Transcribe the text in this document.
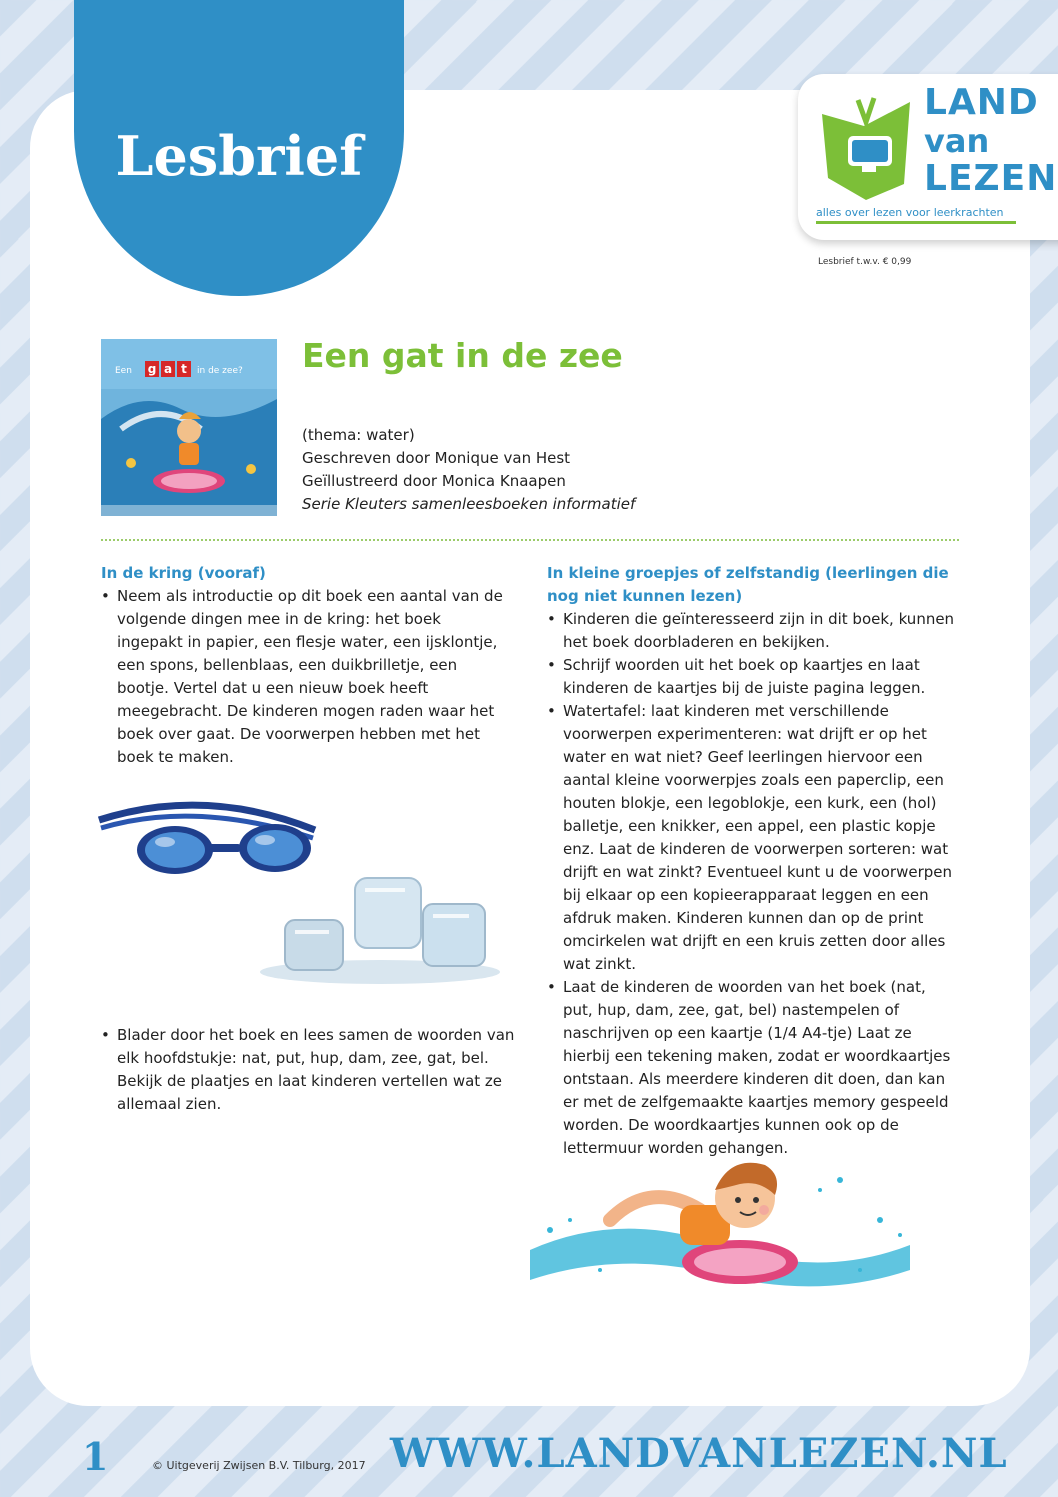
Lesbrief
LAND
van
LEZEN
alles over lezen voor leerkrachten
Lesbrief t.w.v. € 0,99
Een g a t in de zee? Een gat in de zee
(thema: water)
Geschreven door Monique van Hest
Geïllustreerd door Monica Knaapen
Serie Kleuters samenleesboeken informatief
In de kring (vooraf)
• Neem als introductie op dit boek een aantal van de volgende dingen mee in de kring: het boek ingepakt in papier, een flesje water, een ijsklontje, een spons, bellenblaas, een duikbrilletje, een bootje. Vertel dat u een nieuw boek heeft meegebracht. De kinderen mogen raden waar het boek over gaat. De voorwerpen hebben met het boek te maken.
• Blader door het boek en lees samen de woorden van elk hoofdstukje: nat, put, hup, dam, zee, gat, bel. Bekijk de plaatjes en laat kinderen vertellen wat ze allemaal zien.
In kleine groepjes of zelfstandig (leerlingen die nog niet kunnen lezen)
• Kinderen die geïnteresseerd zijn in dit boek, kunnen het boek doorbladeren en bekijken.
• Schrijf woorden uit het boek op kaartjes en laat kinderen de kaartjes bij de juiste pagina leggen.
• Watertafel: laat kinderen met verschillende voorwerpen experimenteren: wat drijft er op het water en wat niet? Geef leerlingen hiervoor een aantal kleine voorwerpjes zoals een paperclip, een houten blokje, een legoblokje, een kurk, een (hol) balletje, een knikker, een appel, een plastic kopje enz. Laat de kinderen de voorwerpen sorteren: wat drijft en wat zinkt? Eventueel kunt u de voorwerpen bij elkaar op een kopieerapparaat leggen en een afdruk maken. Kinderen kunnen dan op de print omcirkelen wat drijft en een kruis zetten door alles wat zinkt.
• Laat de kinderen de woorden van het boek (nat, put, hup, dam, zee, gat, bel) nastempelen of naschrijven op een kaartje (1/4 A4-tje) Laat ze hierbij een tekening maken, zodat er woordkaartjes ontstaan. Als meerdere kinderen dit doen, dan kan er met de zelfgemaakte kaartjes memory gespeeld worden. De woordkaartjes kunnen ook op de lettermuur worden gehangen.
1	© Uitgeverij Zwijsen B.V. Tilburg, 2017 WWW.LANDVANLEZEN.NL
